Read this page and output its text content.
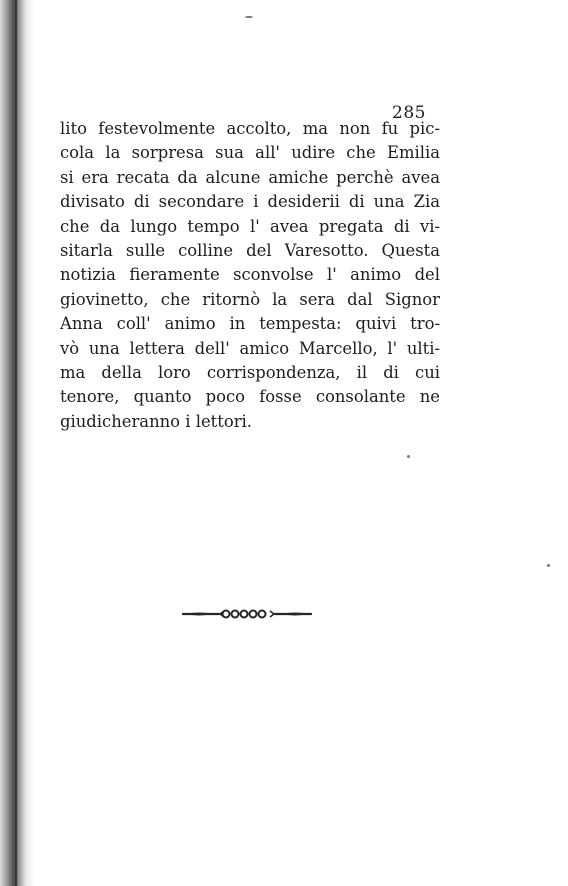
285
lito festevolmente accolto, ma non fu pic-
cola la sorpresa sua all' udire che Emilia
si era recata da alcune amiche perchè avea
divisato di secondare i desiderii di una Zia
che da lungo tempo l' avea pregata di vi-
sitarla sulle colline del Varesotto. Questa
notizia fieramente sconvolse l' animo del
giovinetto, che ritornò la sera dal Signor
Anna coll' animo in tempesta: quivi tro-
vò una lettera dell' amico Marcello, l' ulti-
ma della loro corrispondenza, il di cui
tenore, quanto poco fosse consolante ne
giudicheranno i lettori.
